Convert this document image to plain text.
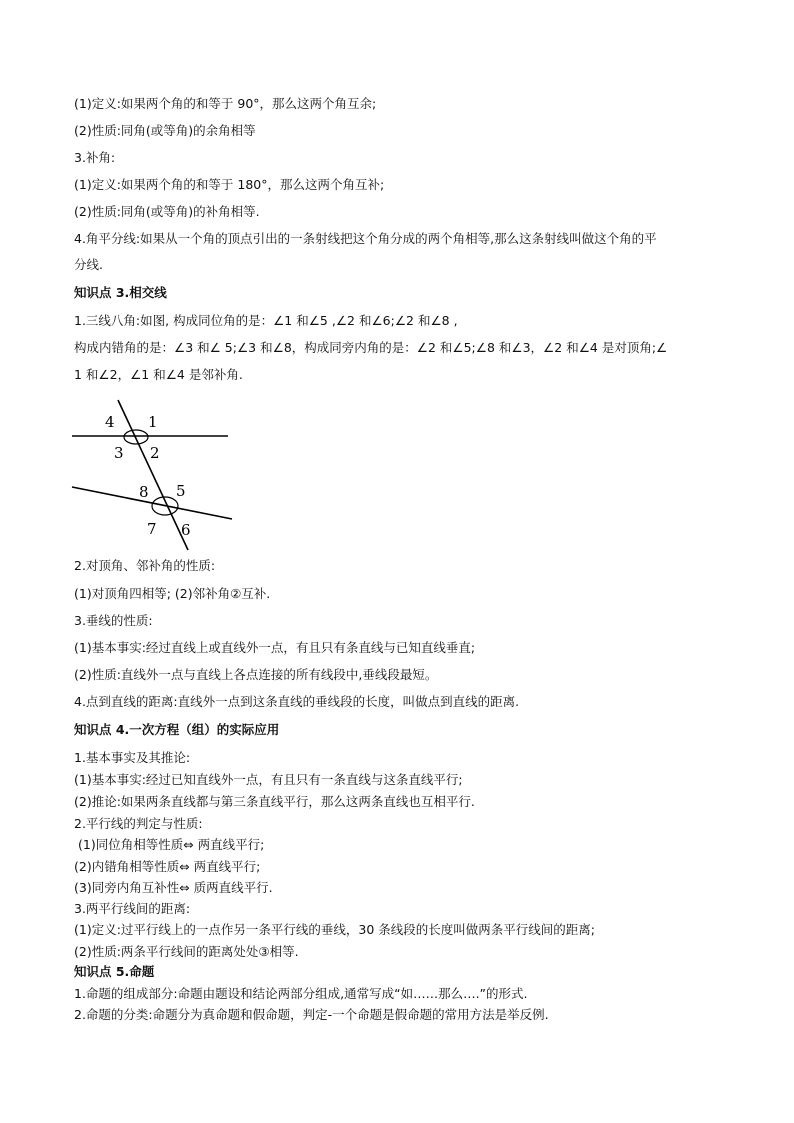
(1)定义:如果两个角的和等于 90°，那么这两个角互余;
(2)性质:同角(或等角)的余角相等
3.补角:
(1)定义:如果两个角的和等于 180°，那么这两个角互补;
(2)性质:同角(或等角)的补角相等.
4.角平分线:如果从一个角的顶点引出的一条射线把这个角分成的两个角相等,那么这条射线叫做这个角的平
分线.
知识点 3.相交线
1.三线八角:如图, 构成同位角的是：∠1 和∠5 ,∠2 和∠6;∠2 和∠8 ,
构成内错角的是：∠3 和∠ 5;∠3 和∠8，构成同旁内角的是：∠2 和∠5;∠8 和∠3，∠2 和∠4 是对顶角;∠
1 和∠2，∠1 和∠4 是邻补角.
1
2
3
4
5
6
7
8
2.对顶角、邻补角的性质:
(1)对顶角四相等; (2)邻补角②互补.
3.垂线的性质:
(1)基本事实:经过直线上或直线外一点，有且只有条直线与已知直线垂直;
(2)性质:直线外一点与直线上各点连接的所有线段中,垂线段最短。
4.点到直线的距离:直线外一点到这条直线的垂线段的长度，叫做点到直线的距离.
知识点 4.一次方程（组）的实际应用
1.基本事实及其推论:
(1)基本事实:经过已知直线外一点，有且只有一条直线与这条直线平行;
(2)推论:如果两条直线都与第三条直线平行，那么这两条直线也互相平行.
2.平行线的判定与性质:
(1)同位角相等性质⇔ 两直线平行;
(2)内错角相等性质⇔ 两直线平行;
(3)同旁内角互补性⇔ 质两直线平行.
3.两平行线间的距离:
(1)定义:过平行线上的一点作另一条平行线的垂线，30 条线段的长度叫做两条平行线间的距离;
(2)性质:两条平行线间的距离处处③相等.
知识点 5.命题
1.命题的组成部分:命题由题设和结论两部分组成,通常写成“如……那么….”的形式.
2.命题的分类:命题分为真命题和假命题，判定-一个命题是假命题的常用方法是举反例.
